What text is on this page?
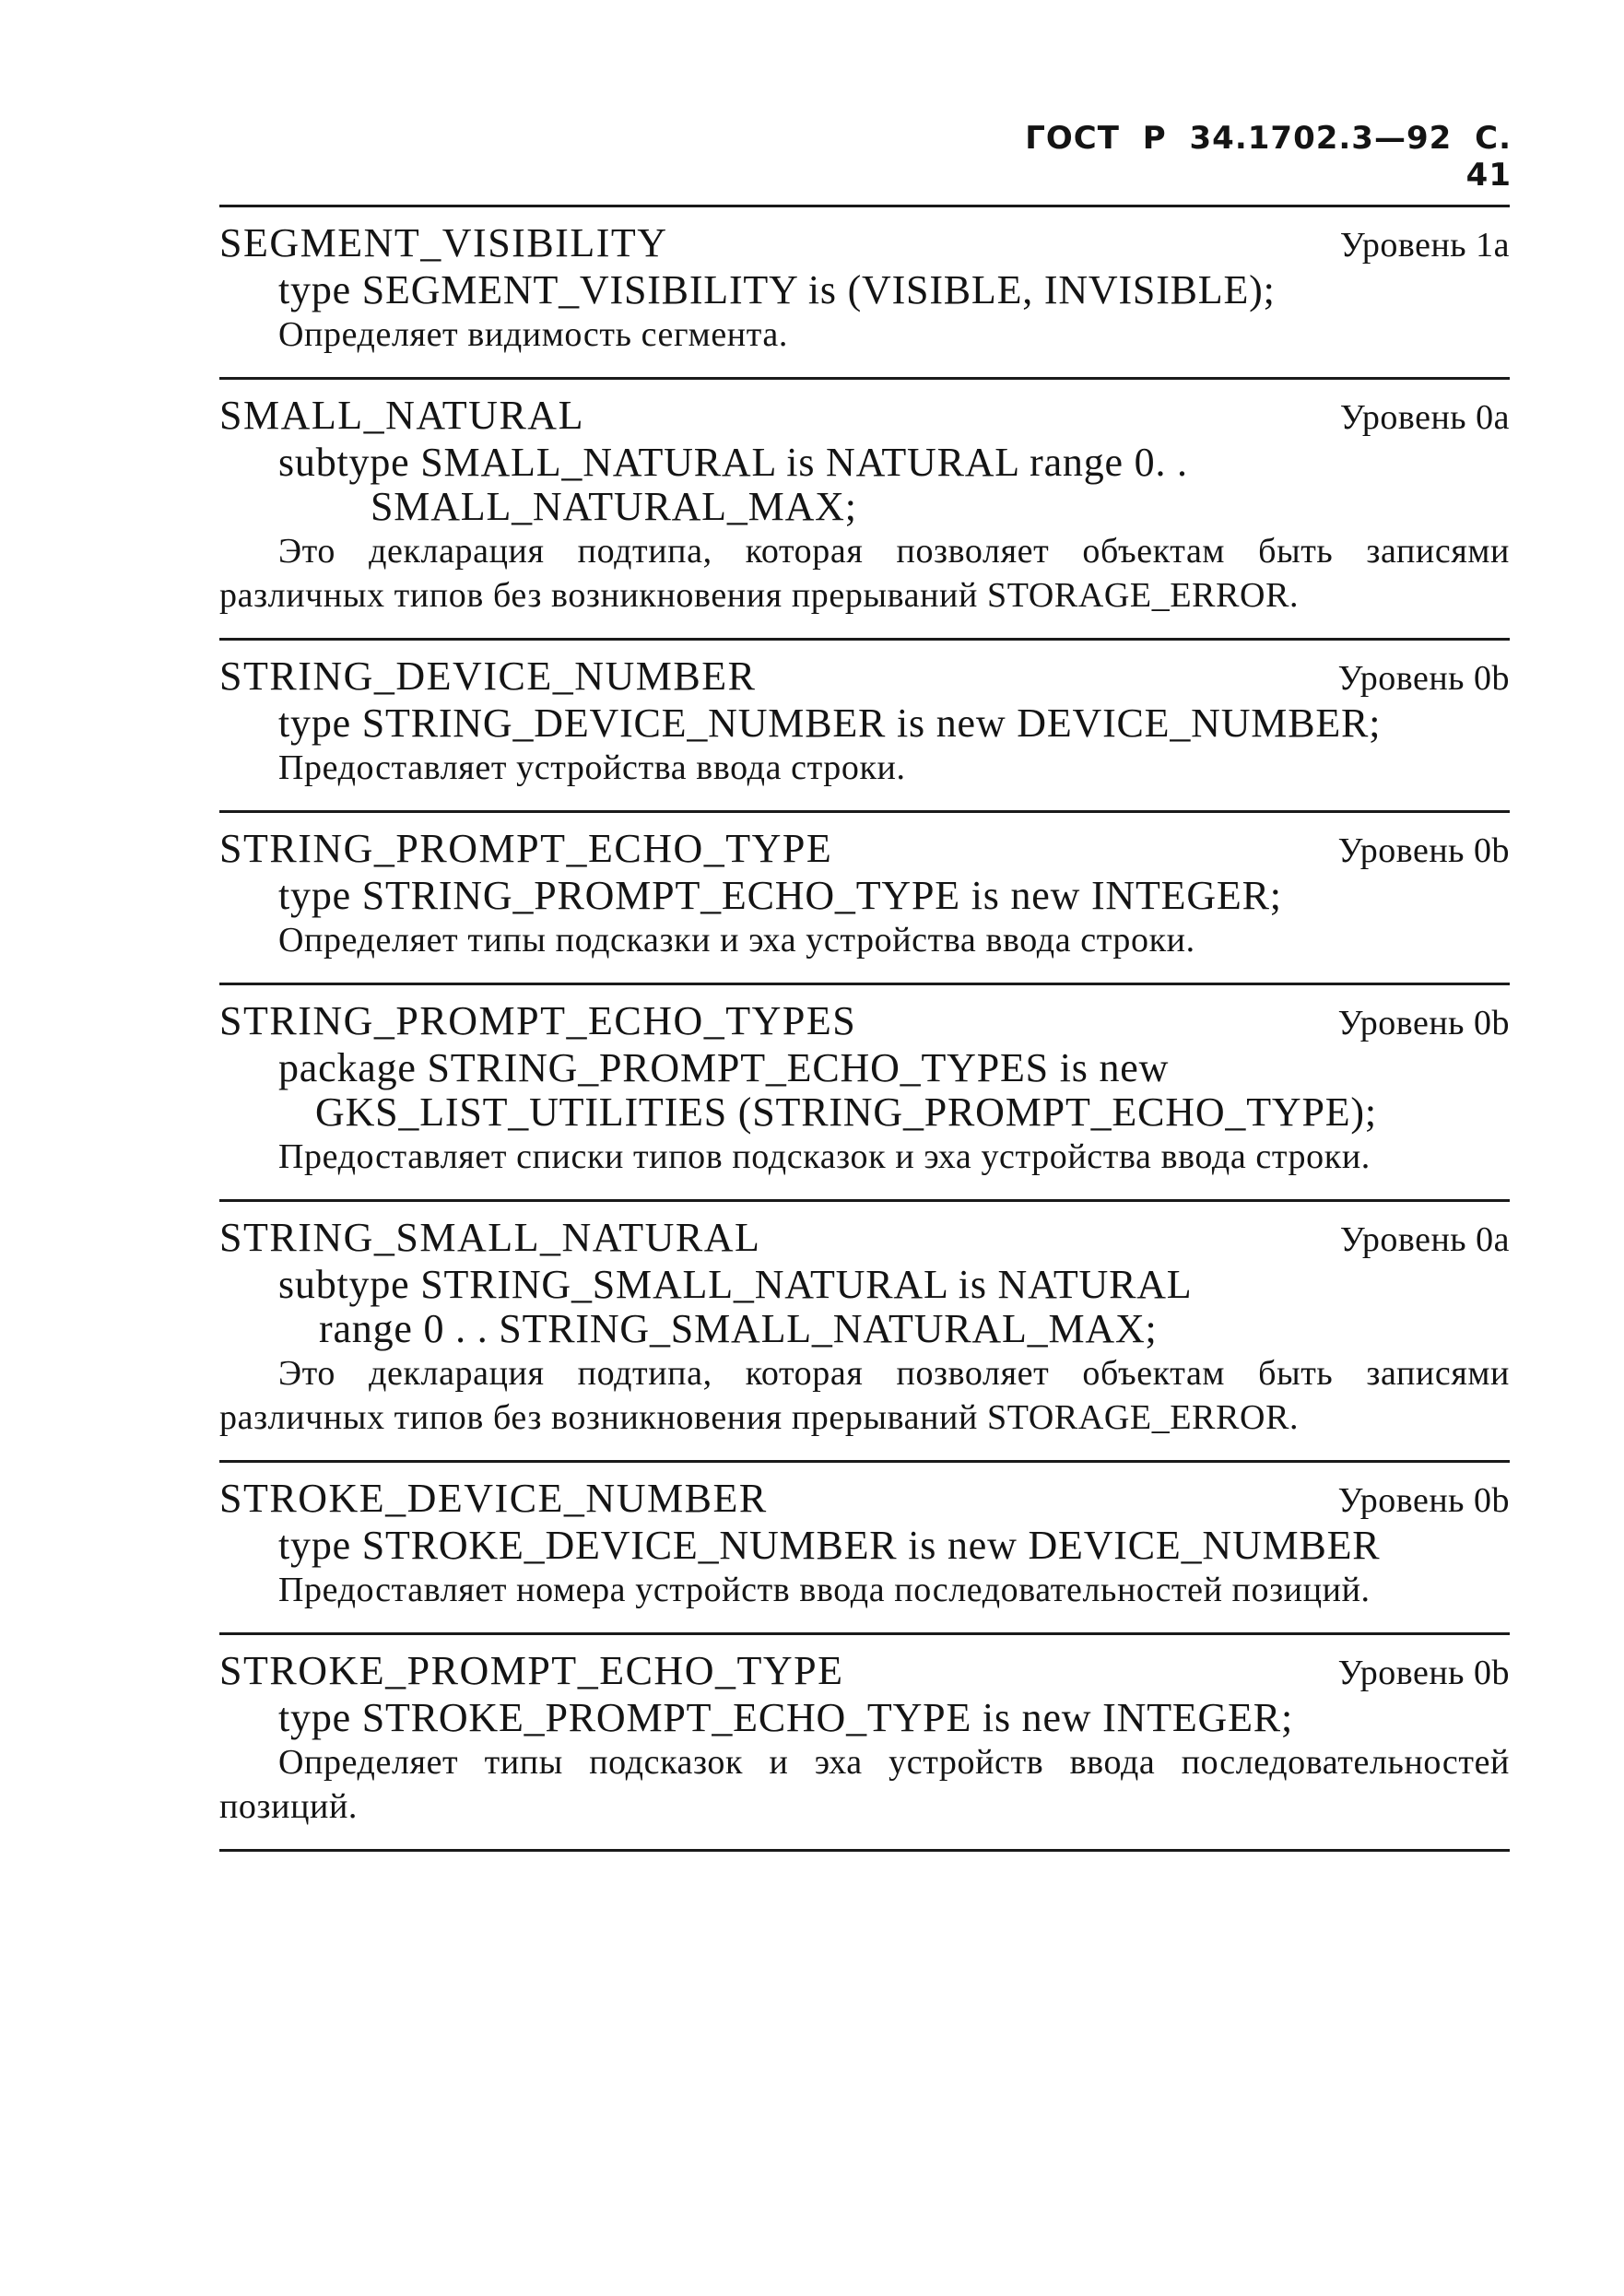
ГОСТ Р 34.1702.3—92 С. 41
SEGMENT_VISIBILITY	Уровень 1a
type SEGMENT_VISIBILITY is (VISIBLE, INVISIBLE);
Определяет видимость сегмента.
SMALL_NATURAL	Уровень 0a
subtype SMALL_NATURAL is NATURAL range 0. .
SMALL_NATURAL_MAX;
Это декларация подтипа, которая позволяет объектам быть записями различных типов без возникновения прерываний STORAGE_ERROR.
STRING_DEVICE_NUMBER	Уровень 0b
type STRING_DEVICE_NUMBER is new DEVICE_NUMBER;
Предоставляет устройства ввода строки.
STRING_PROMPT_ECHO_TYPE	Уровень 0b
type STRING_PROMPT_ECHO_TYPE is new INTEGER;
Определяет типы подсказки и эха устройства ввода строки.
STRING_PROMPT_ECHO_TYPES	Уровень 0b
package STRING_PROMPT_ECHO_TYPES is new
GKS_LIST_UTILITIES (STRING_PROMPT_ECHO_TYPE);
Предоставляет списки типов подсказок и эха устройства ввода строки.
STRING_SMALL_NATURAL	Уровень 0a
subtype STRING_SMALL_NATURAL is NATURAL
range 0 . . STRING_SMALL_NATURAL_MAX;
Это декларация подтипа, которая позволяет объектам быть записями различных типов без возникновения прерываний STORAGE_ERROR.
STROKE_DEVICE_NUMBER	Уровень 0b
type STROKE_DEVICE_NUMBER is new DEVICE_NUMBER
Предоставляет номера устройств ввода последовательностей позиций.
STROKE_PROMPT_ECHO_TYPE	Уровень 0b
type STROKE_PROMPT_ECHO_TYPE is new INTEGER;
Определяет типы подсказок и эха устройств ввода последовательностей позиций.
